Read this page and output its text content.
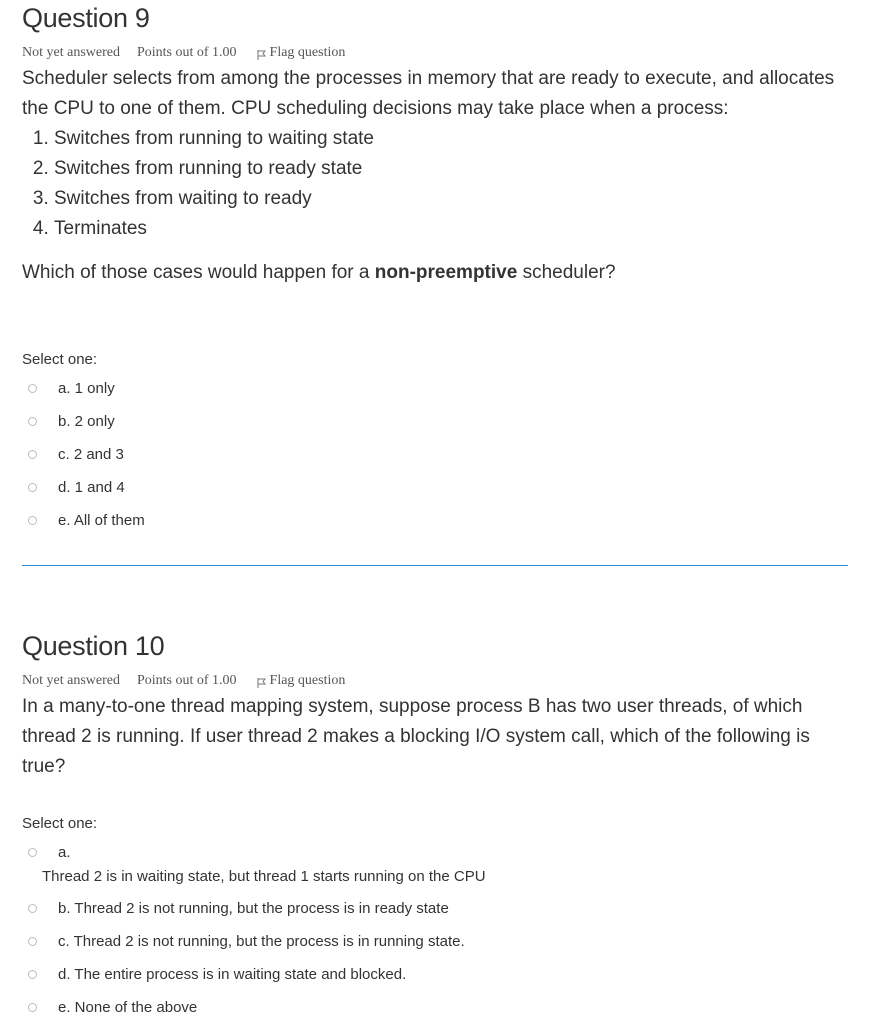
Question 9
Not yet answered Points out of 1.00 Flag question

Scheduler selects from among the processes in memory that are ready to execute, and allocates the CPU to one of them. CPU scheduling decisions may take place when a process:

1. Switches from running to waiting state
2. Switches from running to ready state
3. Switches from waiting to ready
4. Terminates

Which of those cases would happen for a non-preemptive scheduler?

Select one:
a. 1 only
b. 2 only
c. 2 and 3
d. 1 and 4
e. All of them
Question 10
Not yet answered Points out of 1.00 Flag question

In a many-to-one thread mapping system, suppose process B has two user threads, of which thread 2 is running. If user thread 2 makes a blocking I/O system call, which of the following is true?

Select one:
a.
Thread 2 is in waiting state, but thread 1 starts running on the CPU
b. Thread 2 is not running, but the process is in ready state
c. Thread 2 is not running, but the process is in running state.
d. The entire process is in waiting state and blocked.
e. None of the above
